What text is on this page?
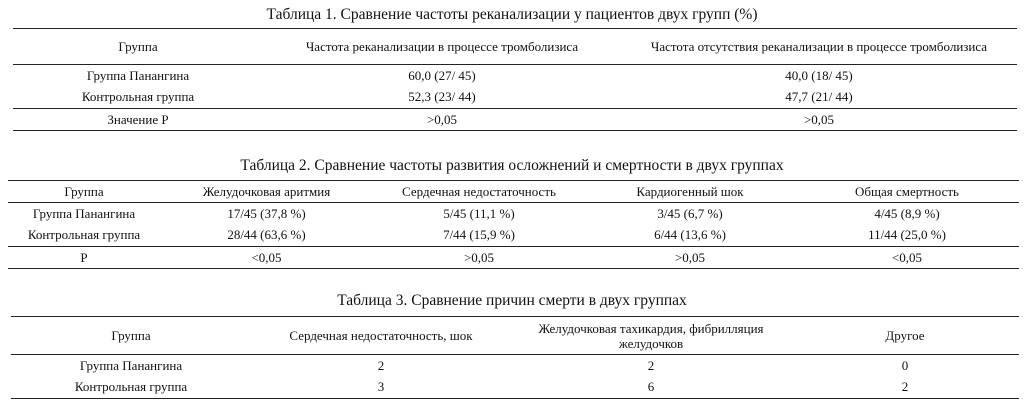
Таблица 1. Сравнение частоты реканализации у пациентов двух групп (%)
Группа	Частота реканализации в процессе тромболизиса	Частота отсутствия реканализации в процессе тромболизиса
Группа Панангина	60,0 (27/ 45)	40,0 (18/ 45)
Контрольная группа	52,3 (23/ 44)	47,7 (21/ 44)
Значение Р	>0,05	>0,05
Таблица 2. Сравнение частоты развития осложнений и смертности в двух группах
Группа	Желудочковая аритмия	Сердечная недостаточность	Кардиогенный шок	Общая смертность
Группа Панангина	17/45 (37,8 %)	5/45 (11,1 %)	3/45 (6,7 %)	4/45 (8,9 %)
Контрольная группа	28/44 (63,6 %)	7/44 (15,9 %)	6/44 (13,6 %)	11/44 (25,0 %)
Р	<0,05	>0,05	>0,05	<0,05
Таблица 3. Сравнение причин смерти в двух группах
Группа	Сердечная недостаточность, шок	Желудочковая тахикардия, фибрилляция желудочков	Другое
Группа Панангина	2	2	0
Контрольная группа	3	6	2
